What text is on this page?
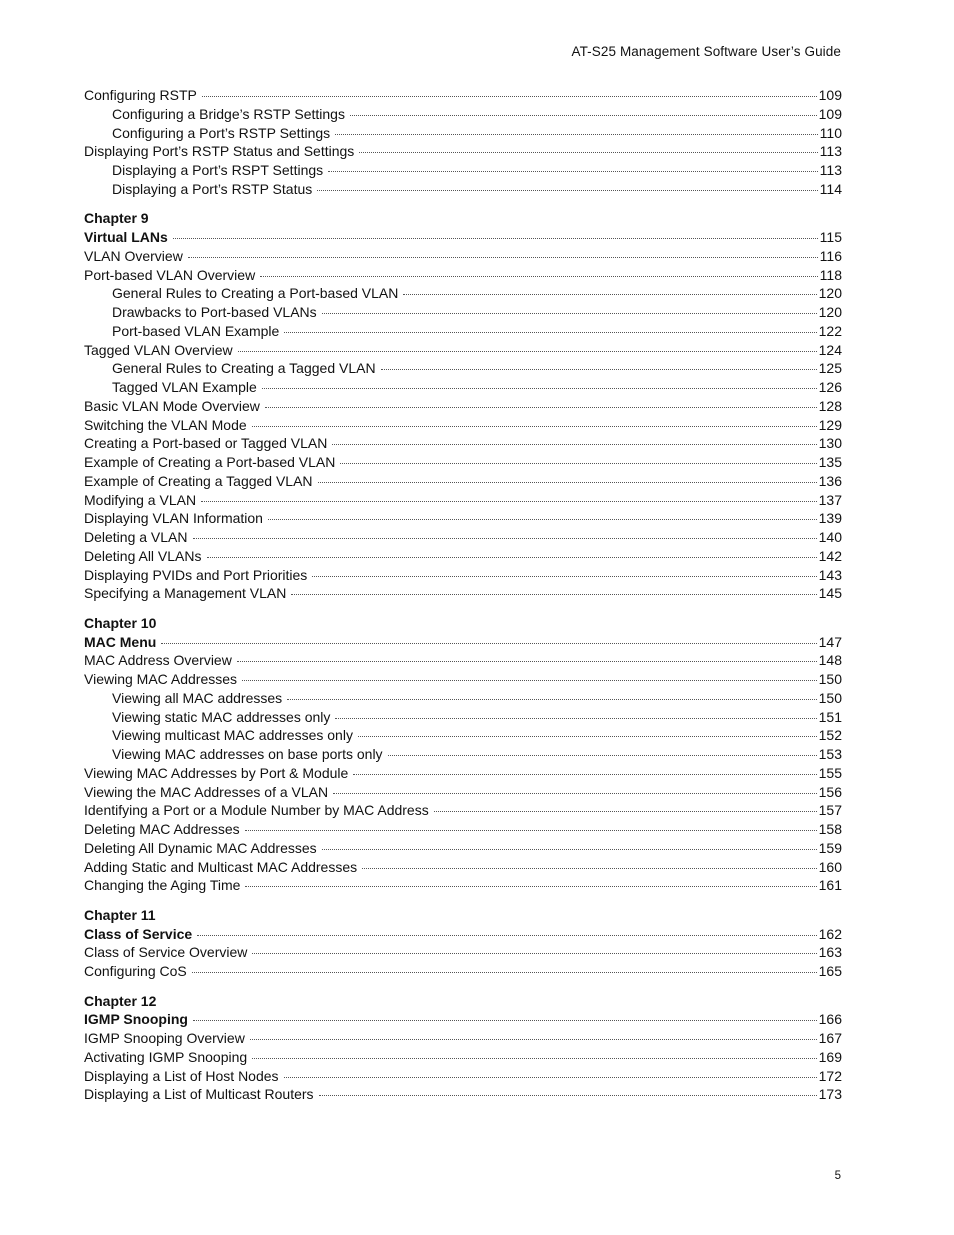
AT-S25 Management Software User’s Guide
Configuring RSTP	109
Configuring a Bridge’s RSTP Settings	109
Configuring a Port’s RSTP Settings	110
Displaying Port’s RSTP Status and Settings	113
Displaying a Port’s RSPT Settings	113
Displaying a Port’s RSTP Status	114
Chapter 9
Virtual LANs	115
VLAN Overview	116
Port-based VLAN Overview	118
General Rules to Creating a Port-based VLAN	120
Drawbacks to Port-based VLANs	120
Port-based VLAN Example	122
Tagged VLAN Overview	124
General Rules to Creating a Tagged VLAN	125
Tagged VLAN Example	126
Basic VLAN Mode Overview	128
Switching the VLAN Mode	129
Creating a Port-based or Tagged VLAN	130
Example of Creating a Port-based VLAN	135
Example of Creating a Tagged VLAN	136
Modifying a VLAN	137
Displaying VLAN Information	139
Deleting a VLAN	140
Deleting All VLANs	142
Displaying PVIDs and Port Priorities	143
Specifying a Management VLAN	145
Chapter 10
MAC Menu	147
MAC Address Overview	148
Viewing MAC Addresses	150
Viewing all MAC addresses	150
Viewing static MAC addresses only	151
Viewing multicast MAC addresses only	152
Viewing MAC addresses on base ports only	153
Viewing MAC Addresses by Port & Module	155
Viewing the MAC Addresses of a VLAN	156
Identifying a Port or a Module Number by MAC Address	157
Deleting MAC Addresses	158
Deleting All Dynamic MAC Addresses	159
Adding Static and Multicast MAC Addresses	160
Changing the Aging Time	161
Chapter 11
Class of Service	162
Class of Service Overview	163
Configuring CoS	165
Chapter 12
IGMP Snooping	166
IGMP Snooping Overview	167
Activating IGMP Snooping	169
Displaying a List of Host Nodes	172
Displaying a List of Multicast Routers	173
5
